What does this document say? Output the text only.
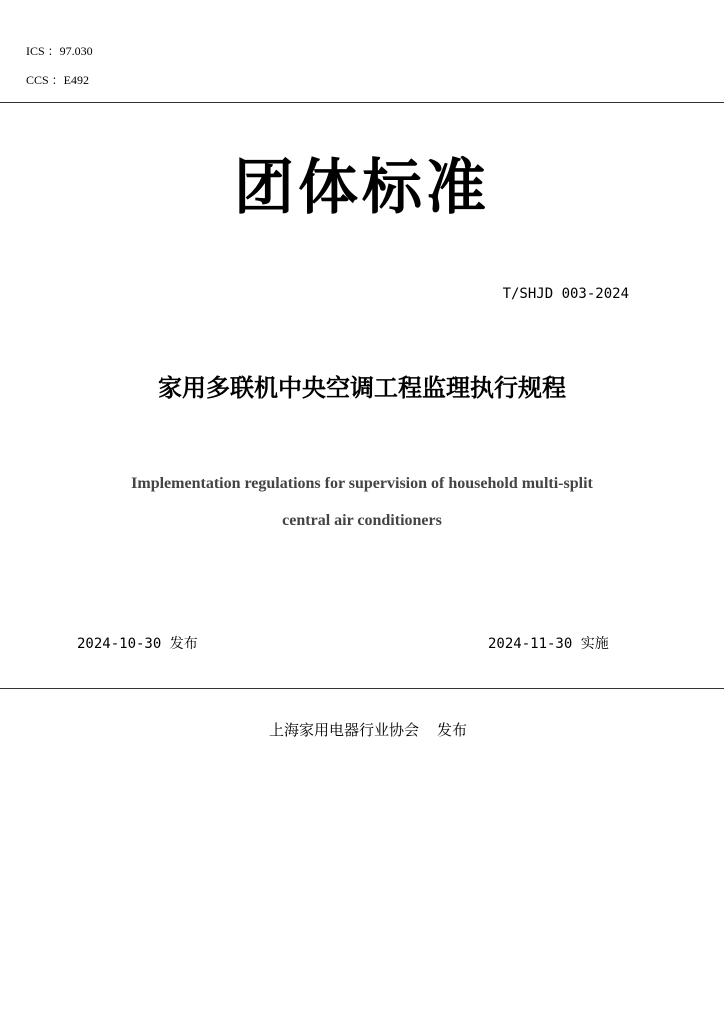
ICS ：97.030
CCS ：E492
团体标准
T/SHJD 003-2024
家用多联机中央空调工程监理执行规程
Implementation regulations for supervision of household multi-split
central air conditioners
2024-10-30 发布	2024-11-30 实施
上海家用电器行业协会 发布
